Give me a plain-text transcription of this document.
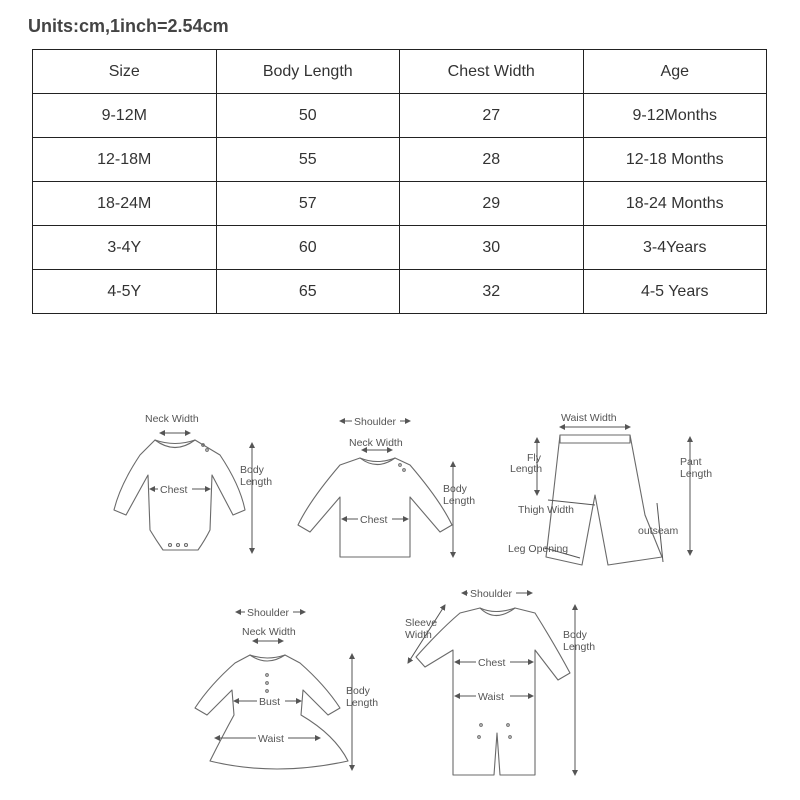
Units:cm,1inch=2.54cm
Size	Body Length	Chest Width	Age
9-12M	50	27	9-12Months
12-18M	55	28	12-18 Months
18-24M	57	29	18-24 Months
3-4Y	60	30	3-4Years
4-5Y	65	32	4-5 Years
Neck Width
Chest
Body
Length
Shoulder
Neck Width
Chest
Body
Length
Waist Width
Fly
Length
Pant
Length
Thigh Width
outseam
Leg Opening
Shoulder
Neck Width
Bust
Waist
Body
Length
Shoulder
Sleeve
Width
Chest
Waist
Body
Length
